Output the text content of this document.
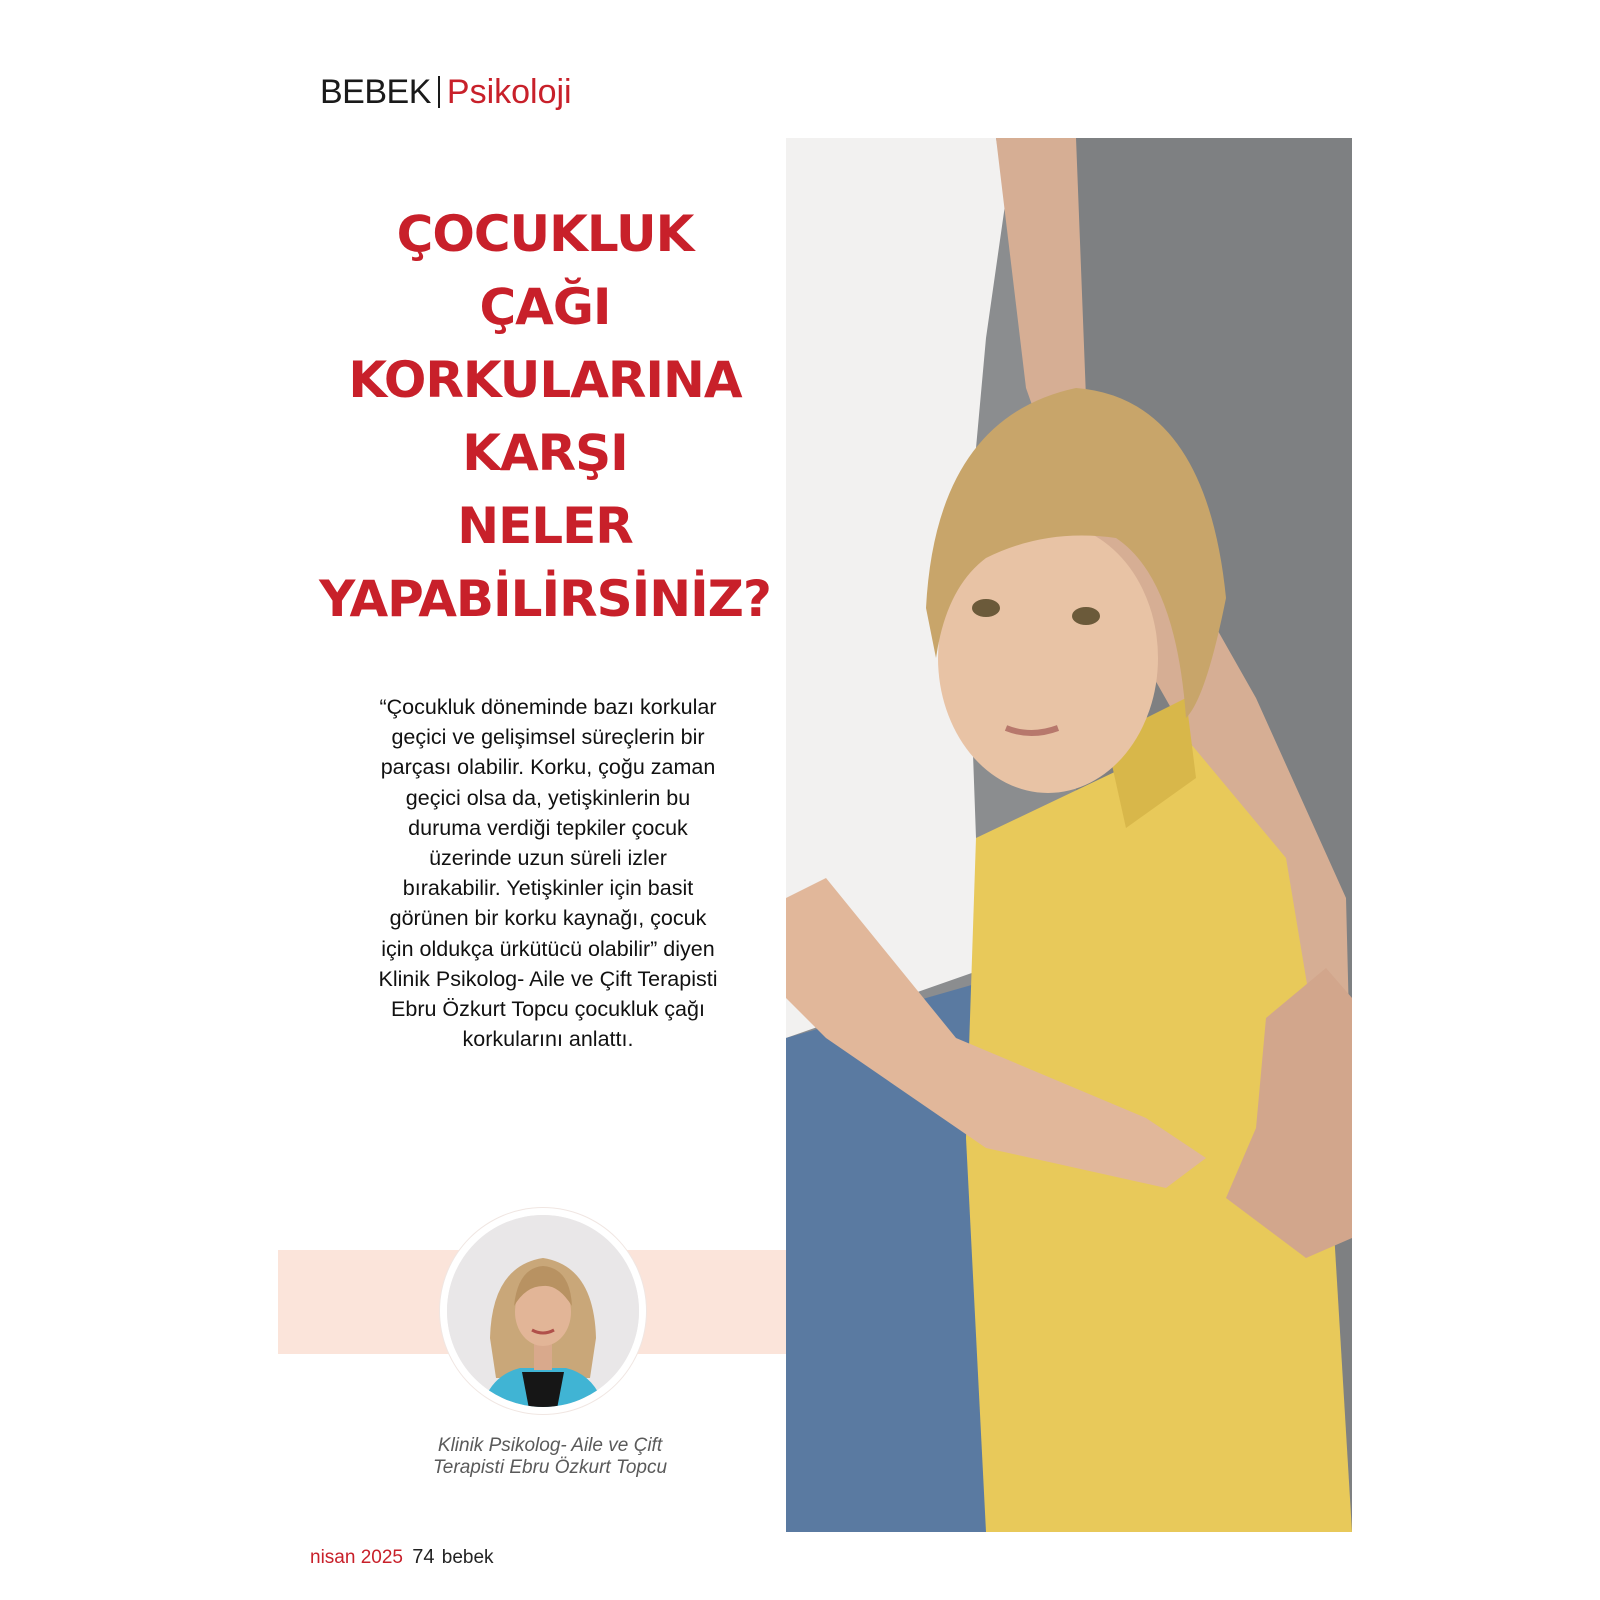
BEBEK Psikoloji
ÇOCUKLUK
ÇAĞI
KORKULARINA
KARŞI
NELER
YAPABİLİRSİNİZ?

“Çocukluk döneminde bazı korkular geçici ve gelişimsel süreçlerin bir parçası olabilir. Korku, çoğu zaman geçici olsa da, yetişkinlerin bu duruma verdiği tepkiler çocuk üzerinde uzun süreli izler bırakabilir. Yetişkinler için basit görünen bir korku kaynağı, çocuk için oldukça ürkütücü olabilir” diyen Klinik Psikolog- Aile ve Çift Terapisti Ebru Özkurt Topcu çocukluk çağı korkularını anlattı.

Klinik Psikolog- Aile ve Çift
Terapisti Ebru Özkurt Topcu
nisan 2025 74 bebek
